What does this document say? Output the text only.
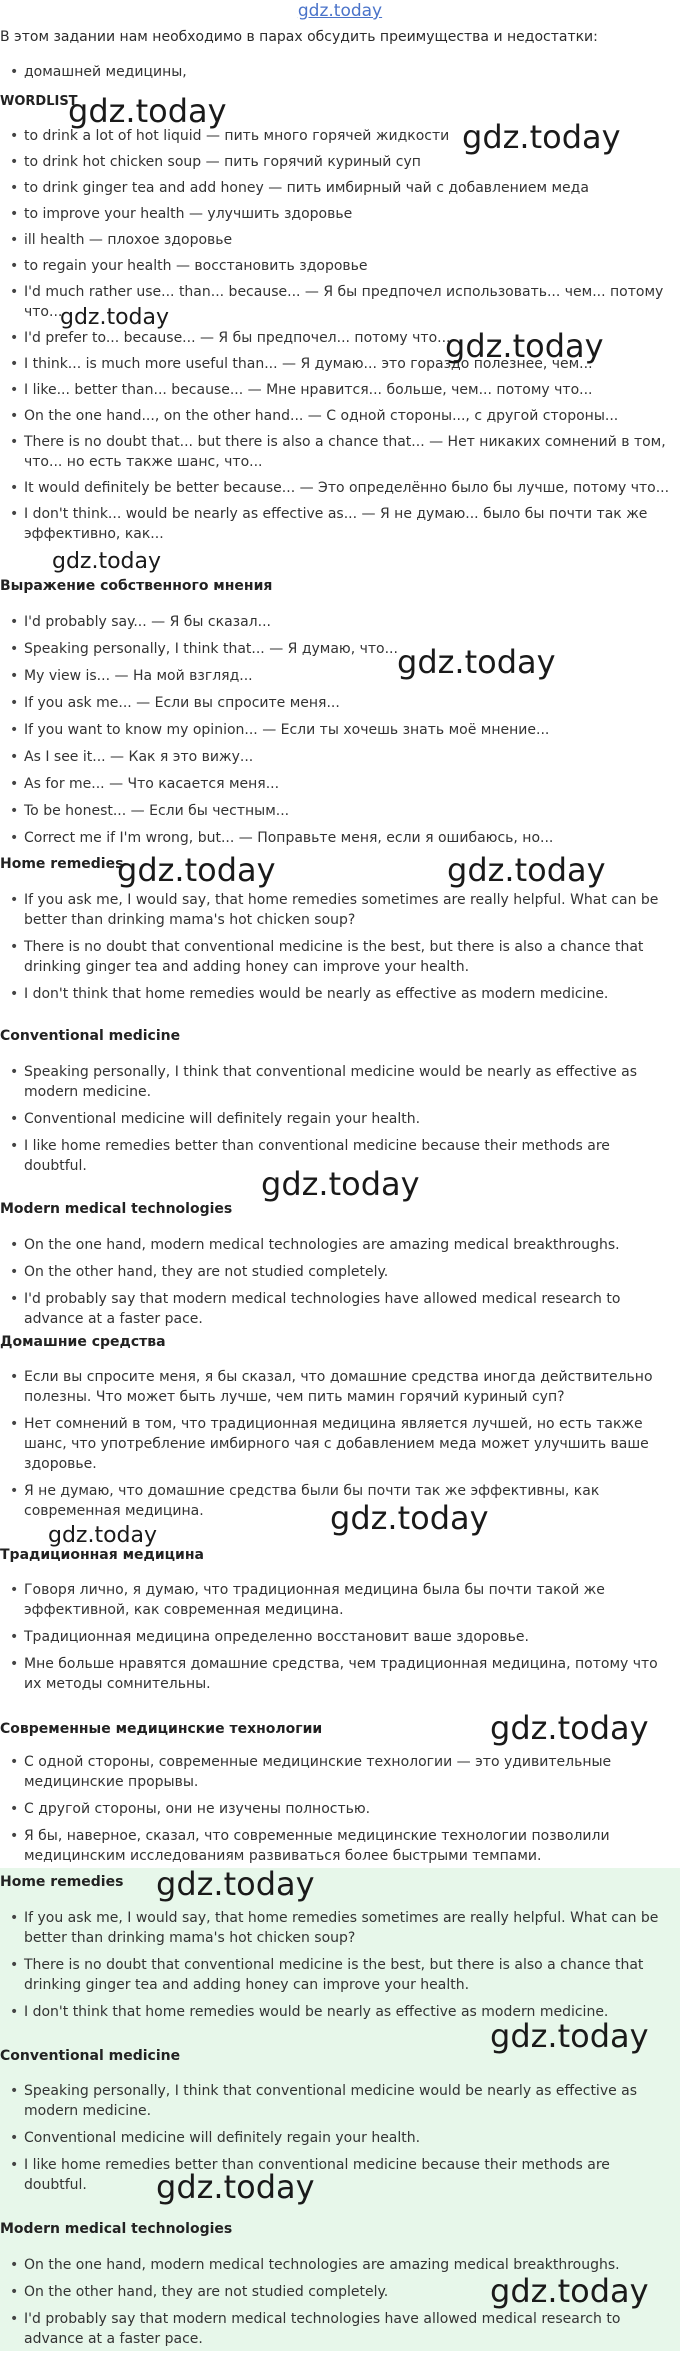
gdz.today
В этом задании нам необходимо в парах обсудить преимущества и недостатки:
• домашней медицины,
WORDLIST
• to drink a lot of hot liquid — пить много горячей жидкости
• to drink hot chicken soup — пить горячий куриный суп
• to drink ginger tea and add honey — пить имбирный чай с добавлением меда
• to improve your health — улучшить здоровье
• ill health — плохое здоровье
• to regain your health — восстановить здоровье
• I'd much rather use... than... because... — Я бы предпочел использовать... чем... потому что...
• I'd prefer to... because... — Я бы предпочел... потому что...
• I think... is much more useful than... — Я думаю... это гораздо полезнее, чем...
• I like... better than... because... — Мне нравится... больше, чем... потому что...
• On the one hand..., on the other hand... — С одной стороны..., с другой стороны...
• There is no doubt that... but there is also a chance that... — Нет никаких сомнений в том, что... но есть также шанс, что...
• It would definitely be better because... — Это определённо было бы лучше, потому что...
• I don't think... would be nearly as effective as... — Я не думаю... было бы почти так же эффективно, как...
Выражение собственного мнения
• I'd probably say... — Я бы сказал...
• Speaking personally, I think that... — Я думаю, что...
• My view is... — На мой взгляд...
• If you ask me... — Если вы спросите меня...
• If you want to know my opinion... — Если ты хочешь знать моё мнение...
• As I see it... — Как я это вижу...
• As for me... — Что касается меня...
• To be honest... — Если бы честным...
• Correct me if I'm wrong, but... — Поправьте меня, если я ошибаюсь, но...
Home remedies
• If you ask me, I would say, that home remedies sometimes are really helpful. What can be better than drinking mama's hot chicken soup?
• There is no doubt that conventional medicine is the best, but there is also a chance that drinking ginger tea and adding honey can improve your health.
• I don't think that home remedies would be nearly as effective as modern medicine.
Conventional medicine
• Speaking personally, I think that conventional medicine would be nearly as effective as modern medicine.
• Conventional medicine will definitely regain your health.
• I like home remedies better than conventional medicine because their methods are doubtful.
Modern medical technologies
• On the one hand, modern medical technologies are amazing medical breakthroughs.
• On the other hand, they are not studied completely.
• I'd probably say that modern medical technologies have allowed medical research to advance at a faster pace.
Домашние средства
• Если вы спросите меня, я бы сказал, что домашние средства иногда действительно полезны. Что может быть лучше, чем пить мамин горячий куриный суп?
• Нет сомнений в том, что традиционная медицина является лучшей, но есть также шанс, что употребление имбирного чая с добавлением меда может улучшить ваше здоровье.
• Я не думаю, что домашние средства были бы почти так же эффективны, как современная медицина.
Традиционная медицина
• Говоря лично, я думаю, что традиционная медицина была бы почти такой же эффективной, как современная медицина.
• Традиционная медицина определенно восстановит ваше здоровье.
• Мне больше нравятся домашние средства, чем традиционная медицина, потому что их методы сомнительны.
Современные медицинские технологии
• С одной стороны, современные медицинские технологии — это удивительные медицинские прорывы.
• С другой стороны, они не изучены полностью.
• Я бы, наверное, сказал, что современные медицинские технологии позволили медицинским исследованиям развиваться более быстрыми темпами.
Home remedies
• If you ask me, I would say, that home remedies sometimes are really helpful. What can be better than drinking mama's hot chicken soup?
• There is no doubt that conventional medicine is the best, but there is also a chance that drinking ginger tea and adding honey can improve your health.
• I don't think that home remedies would be nearly as effective as modern medicine.
Conventional medicine
• Speaking personally, I think that conventional medicine would be nearly as effective as modern medicine.
• Conventional medicine will definitely regain your health.
• I like home remedies better than conventional medicine because their methods are doubtful.
Modern medical technologies
• On the one hand, modern medical technologies are amazing medical breakthroughs.
• On the other hand, they are not studied completely.
• I'd probably say that modern medical technologies have allowed medical research to advance at a faster pace.
gdz.today
gdz.today
gdz.today
gdz.today
gdz.today
gdz.today
gdz.today	gdz.today
gdz.today
gdz.today	gdz.today
gdz.today
gdz.today
gdz.today
gdz.today
gdz.today
